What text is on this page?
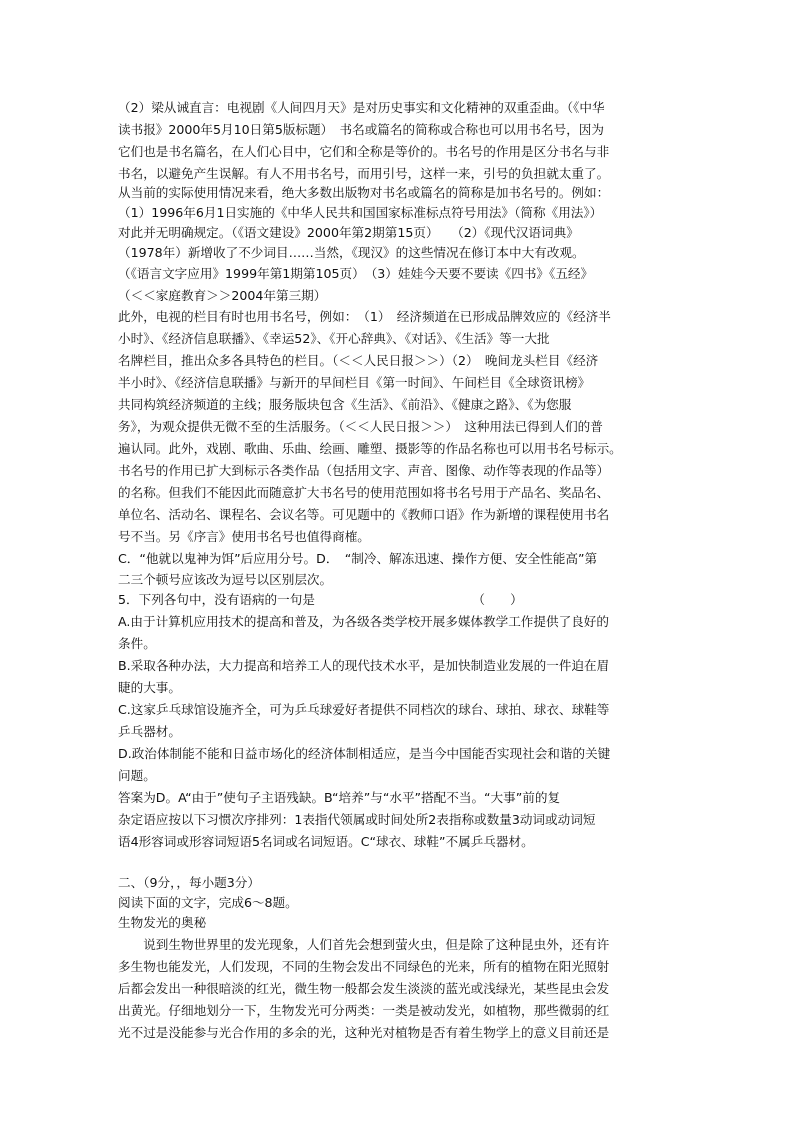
（2）梁从诫直言：电视剧《人间四月天》是对历史事实和文化精神的双重歪曲。（《中华
读书报》2000年5月10日第5版标题）　书名或篇名的简称或合称也可以用书名号，因为
它们也是书名篇名，在人们心目中，它们和全称是等价的。书名号的作用是区分书名与非
书名，以避免产生误解。有人不用书名号，而用引号，这样一来，引号的负担就太重了。
从当前的实际使用情况来看，绝大多数出版物对书名或篇名的简称是加书名号的。例如：
（1）1996年6月1日实施的《中华人民共和国国家标准标点符号用法》（简称《用法》）
对此并无明确规定。（《语文建设》2000年第2期第15页）　　（2）《现代汉语词典》
（1978年）新增收了不少词目……当然，《现汉》的这些情况在修订本中大有改观。
（《语言文字应用》1999年第1期第105页）　（3）娃娃今天要不要读《四书》《五经》
（＜＜家庭教育＞＞2004年第三期）
此外，电视的栏目有时也用书名号，例如：　（1）　经济频道在已形成品牌效应的《经济半
小时》、《经济信息联播》、《幸运52》、《开心辞典》、《对话》、《生活》等一大批
名牌栏目，推出众多各具特色的栏目。（＜＜人民日报＞＞）（2）　晚间龙头栏目《经济
半小时》、《经济信息联播》与新开的早间栏目《第一时间》、午间栏目《全球资讯榜》
共同构筑经济频道的主线；服务版块包含《生活》、《前沿》、《健康之路》、《为您服
务》，为观众提供无微不至的生活服务。（＜＜人民日报＞＞）　这种用法已得到人们的普
遍认同。此外，戏剧、歌曲、乐曲、绘画、雕塑、摄影等的作品名称也可以用书名号标示。
书名号的作用已扩大到标示各类作品（包括用文字、声音、图像、动作等表现的作品等）
的名称。但我们不能因此而随意扩大书名号的使用范围如将书名号用于产品名、奖品名、
单位名、活动名、课程名、会议名等。可见题中的《教师口语》作为新增的课程使用书名
号不当。另《序言》使用书名号也值得商榷。
C．“他就以鬼神为饵”后应用分号。D．　“制冷、解冻迅速、操作方便、安全性能高”第
二三个顿号应该改为逗号以区别层次。
5．下列各句中，没有语病的一句是　　　　　　　　　　　　　（　　）
A.由于计算机应用技术的提高和普及，为各级各类学校开展多媒体教学工作提供了良好的
条件。
B.采取各种办法，大力提高和培养工人的现代技术水平，是加快制造业发展的一件迫在眉
睫的大事。
C.这家乒乓球馆设施齐全，可为乒乓球爱好者提供不同档次的球台、球拍、球衣、球鞋等
乒乓器材。
D.政治体制能不能和日益市场化的经济体制相适应，是当今中国能否实现社会和谐的关键
问题。
答案为D。A“由于”使句子主语残缺。B“培养”与“水平”搭配不当。“大事”前的复
杂定语应按以下习惯次序排列：1表指代领属或时间处所2表指称或数量3动词或动词短
语4形容词或形容词短语5名词或名词短语。C“球衣、球鞋”不属乒乓器材。
二、（9分，，每小题3分）
阅读下面的文字，完成6～8题。
生物发光的奥秘
　　说到生物世界里的发光现象，人们首先会想到萤火虫，但是除了这种昆虫外，还有许
多生物也能发光，人们发现，不同的生物会发出不同绿色的光来，所有的植物在阳光照射
后都会发出一种很暗淡的红光，微生物一般都会发生淡淡的蓝光或浅绿光，某些昆虫会发
出黄光。仔细地划分一下，生物发光可分两类：一类是被动发光，如植物，那些微弱的红
光不过是没能参与光合作用的多余的光，这种光对植物是否有着生物学上的意义目前还是
